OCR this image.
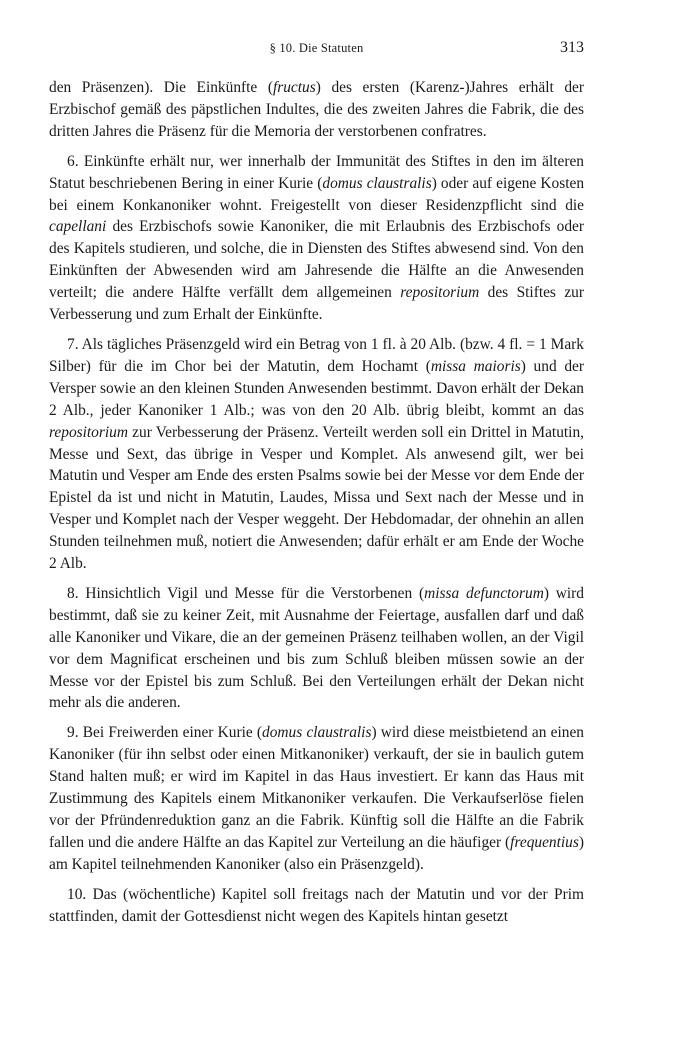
§ 10. Die Statuten	313

den Präsenzen). Die Einkünfte (fructus) des ersten (Karenz-)Jahres erhält der Erzbischof gemäß des päpstlichen Indultes, die des zweiten Jahres die Fabrik, die des dritten Jahres die Präsenz für die Memoria der verstorbenen confratres.

6. Einkünfte erhält nur, wer innerhalb der Immunität des Stiftes in den im älteren Statut beschriebenen Bering in einer Kurie (domus claustralis) oder auf eigene Kosten bei einem Konkanoniker wohnt. Freigestellt von dieser Residenzpflicht sind die capellani des Erzbischofs sowie Kanoniker, die mit Erlaubnis des Erzbischofs oder des Kapitels studieren, und solche, die in Diensten des Stiftes abwesend sind. Von den Einkünften der Abwesenden wird am Jahresende die Hälfte an die Anwesenden verteilt; die andere Hälfte verfällt dem allgemeinen repositorium des Stiftes zur Verbesserung und zum Erhalt der Einkünfte.

7. Als tägliches Präsenzgeld wird ein Betrag von 1 fl. à 20 Alb. (bzw. 4 fl. = 1 Mark Silber) für die im Chor bei der Matutin, dem Hochamt (missa maioris) und der Versper sowie an den kleinen Stunden Anwesenden bestimmt. Davon erhält der Dekan 2 Alb., jeder Kanoniker 1 Alb.; was von den 20 Alb. übrig bleibt, kommt an das repositorium zur Verbesserung der Präsenz. Verteilt werden soll ein Drittel in Matutin, Messe und Sext, das übrige in Vesper und Komplet. Als anwesend gilt, wer bei Matutin und Vesper am Ende des ersten Psalms sowie bei der Messe vor dem Ende der Epistel da ist und nicht in Matutin, Laudes, Missa und Sext nach der Messe und in Vesper und Komplet nach der Vesper weggeht. Der Hebdomadar, der ohnehin an allen Stunden teilnehmen muß, notiert die Anwesenden; dafür erhält er am Ende der Woche 2 Alb.

8. Hinsichtlich Vigil und Messe für die Verstorbenen (missa defunctorum) wird bestimmt, daß sie zu keiner Zeit, mit Ausnahme der Feiertage, ausfallen darf und daß alle Kanoniker und Vikare, die an der gemeinen Präsenz teilhaben wollen, an der Vigil vor dem Magnificat erscheinen und bis zum Schluß bleiben müssen sowie an der Messe vor der Epistel bis zum Schluß. Bei den Verteilungen erhält der Dekan nicht mehr als die anderen.

9. Bei Freiwerden einer Kurie (domus claustralis) wird diese meistbietend an einen Kanoniker (für ihn selbst oder einen Mitkanoniker) verkauft, der sie in baulich gutem Stand halten muß; er wird im Kapitel in das Haus investiert. Er kann das Haus mit Zustimmung des Kapitels einem Mitkanoniker verkaufen. Die Verkaufserlöse fielen vor der Pfründenreduktion ganz an die Fabrik. Künftig soll die Hälfte an die Fabrik fallen und die andere Hälfte an das Kapitel zur Verteilung an die häufiger (frequentius) am Kapitel teilnehmenden Kanoniker (also ein Präsenzgeld).

10. Das (wöchentliche) Kapitel soll freitags nach der Matutin und vor der Prim stattfinden, damit der Gottesdienst nicht wegen des Kapitels hintan gesetzt
